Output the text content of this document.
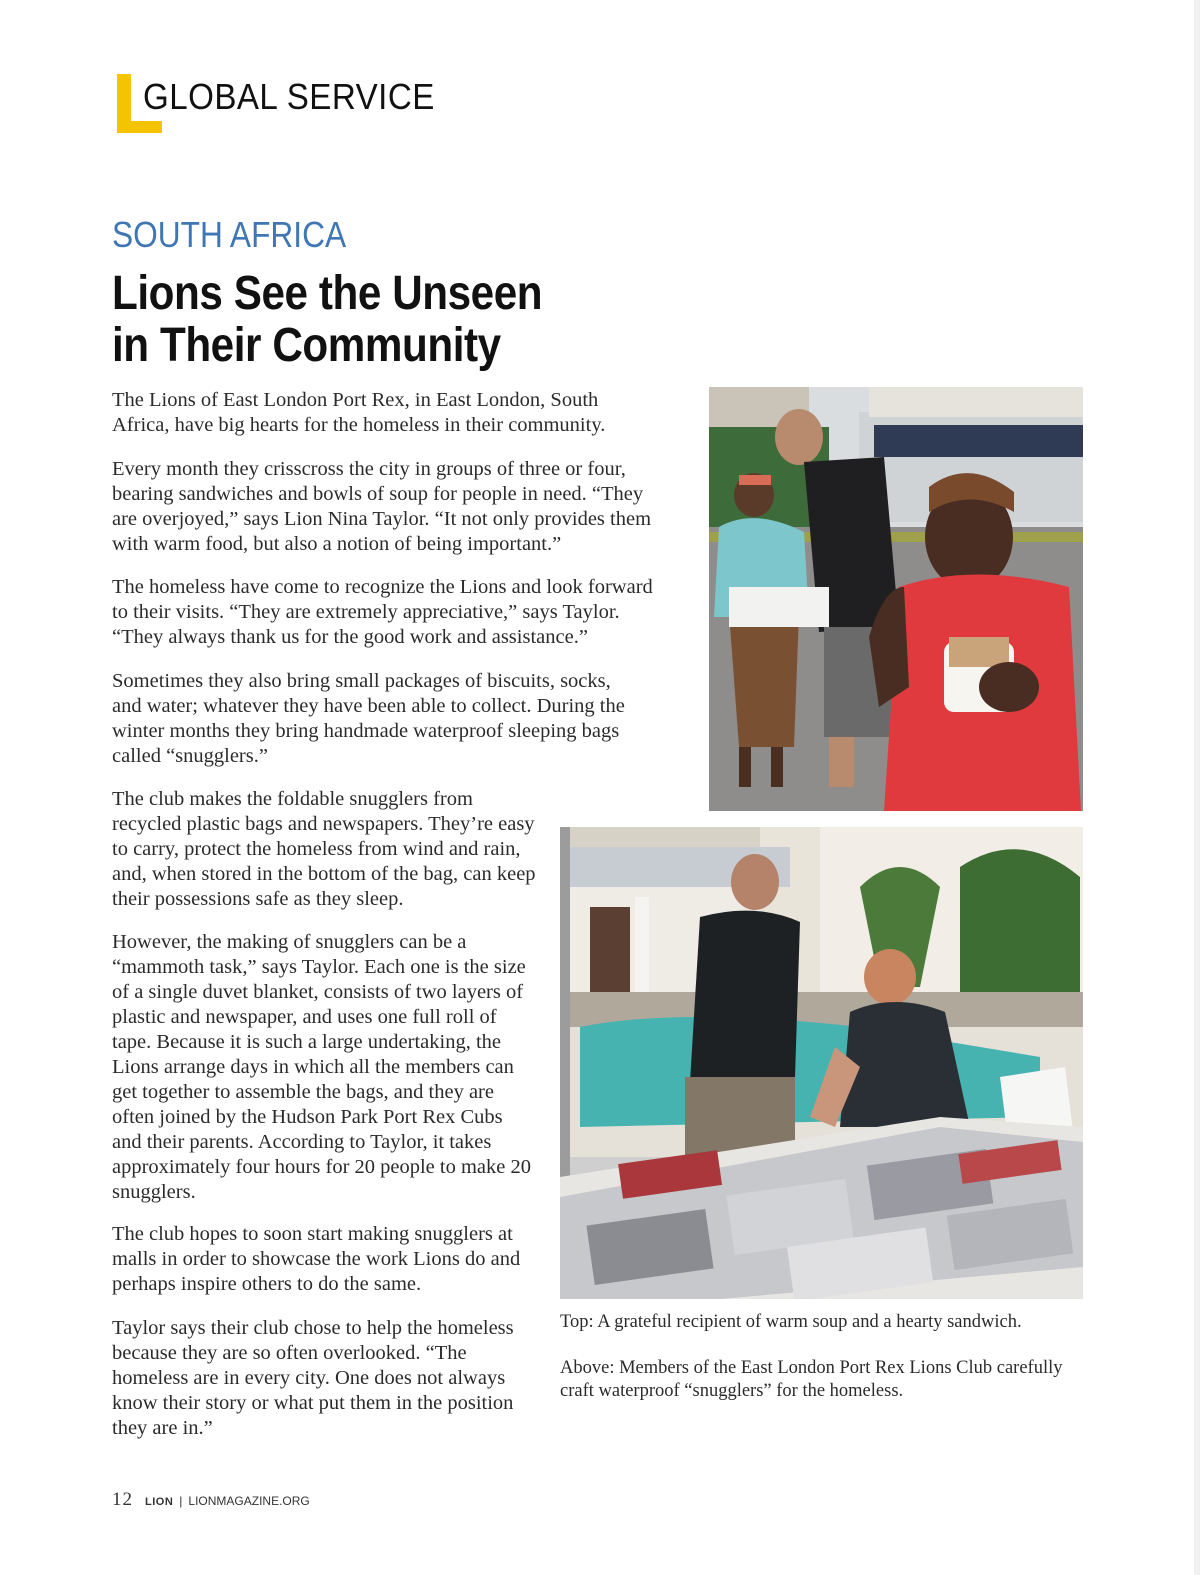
GLOBAL SERVICE
SOUTH AFRICA
Lions See the Unseen
in Their Community

The Lions of East London Port Rex, in East London, South Africa, have big hearts for the homeless in their community.

Every month they crisscross the city in groups of three or four, bearing sandwiches and bowls of soup for people in need. “They are overjoyed,” says Lion Nina Taylor. “It not only provides them with warm food, but also a notion of being important.”

The homeless have come to recognize the Lions and look forward to their visits. “They are extremely appreciative,” says Taylor. “They always thank us for the good work and assistance.”

Sometimes they also bring small packages of biscuits, socks, and water; whatever they have been able to collect. During the winter months they bring handmade waterproof sleeping bags called “snugglers.”

The club makes the foldable snugglers from recycled plastic bags and newspapers. They’re easy to carry, protect the homeless from wind and rain, and, when stored in the bottom of the bag, can keep their possessions safe as they sleep.

However, the making of snugglers can be a “mammoth task,” says Taylor. Each one is the size of a single duvet blanket, consists of two layers of plastic and newspaper, and uses one full roll of tape. Because it is such a large undertaking, the Lions arrange days in which all the members can get together to assemble the bags, and they are often joined by the Hudson Park Port Rex Cubs and their parents. According to Taylor, it takes approximately four hours for 20 people to make 20 snugglers.

The club hopes to soon start making snugglers at malls in order to showcase the work Lions do and perhaps inspire others to do the same.

Taylor says their club chose to help the homeless because they are so often overlooked. “The homeless are in every city. One does not always know their story or what put them in the position they are in.”

Top: A grateful recipient of warm soup and a hearty sandwich.

Above: Members of the East London Port Rex Lions Club carefully craft waterproof “snugglers” for the homeless.

12 LION | LIONMAGAZINE.ORG
